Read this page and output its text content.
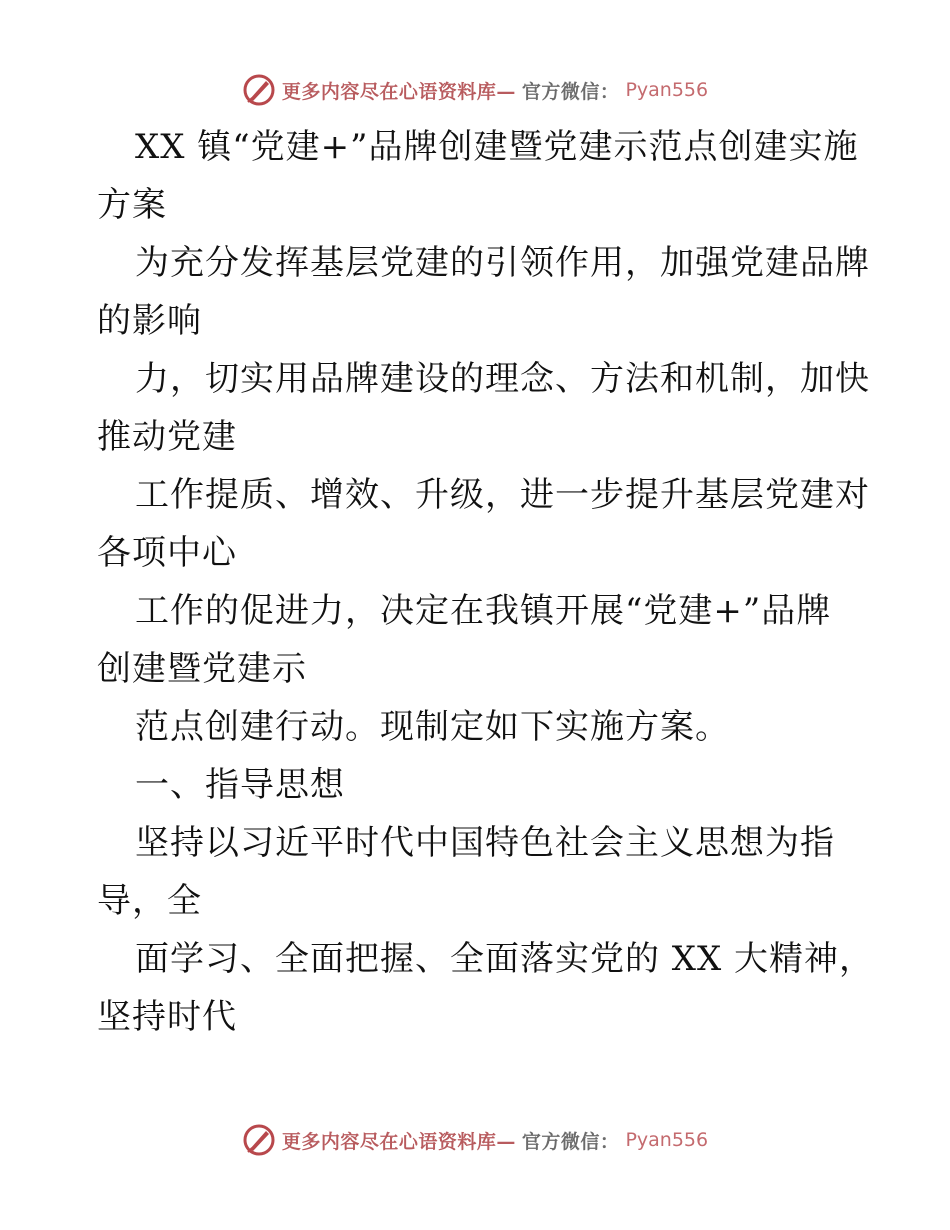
更多内容尽在心语资料库— 官方微信： Pyan556

XX 镇“党建+”品牌创建暨党建示范点创建实施

方案

为充分发挥基层党建的引领作用，加强党建品牌

的影响

力，切实用品牌建设的理念、方法和机制，加快

推动党建

工作提质、增效、升级，进一步提升基层党建对

各项中心

工作的促进力，决定在我镇开展“党建+”品牌

创建暨党建示

范点创建行动。现制定如下实施方案。

一、指导思想

坚持以习近平时代中国特色社会主义思想为指

导，全

面学习、全面把握、全面落实党的 XX 大精神，

坚持时代

更多内容尽在心语资料库— 官方微信： Pyan556
